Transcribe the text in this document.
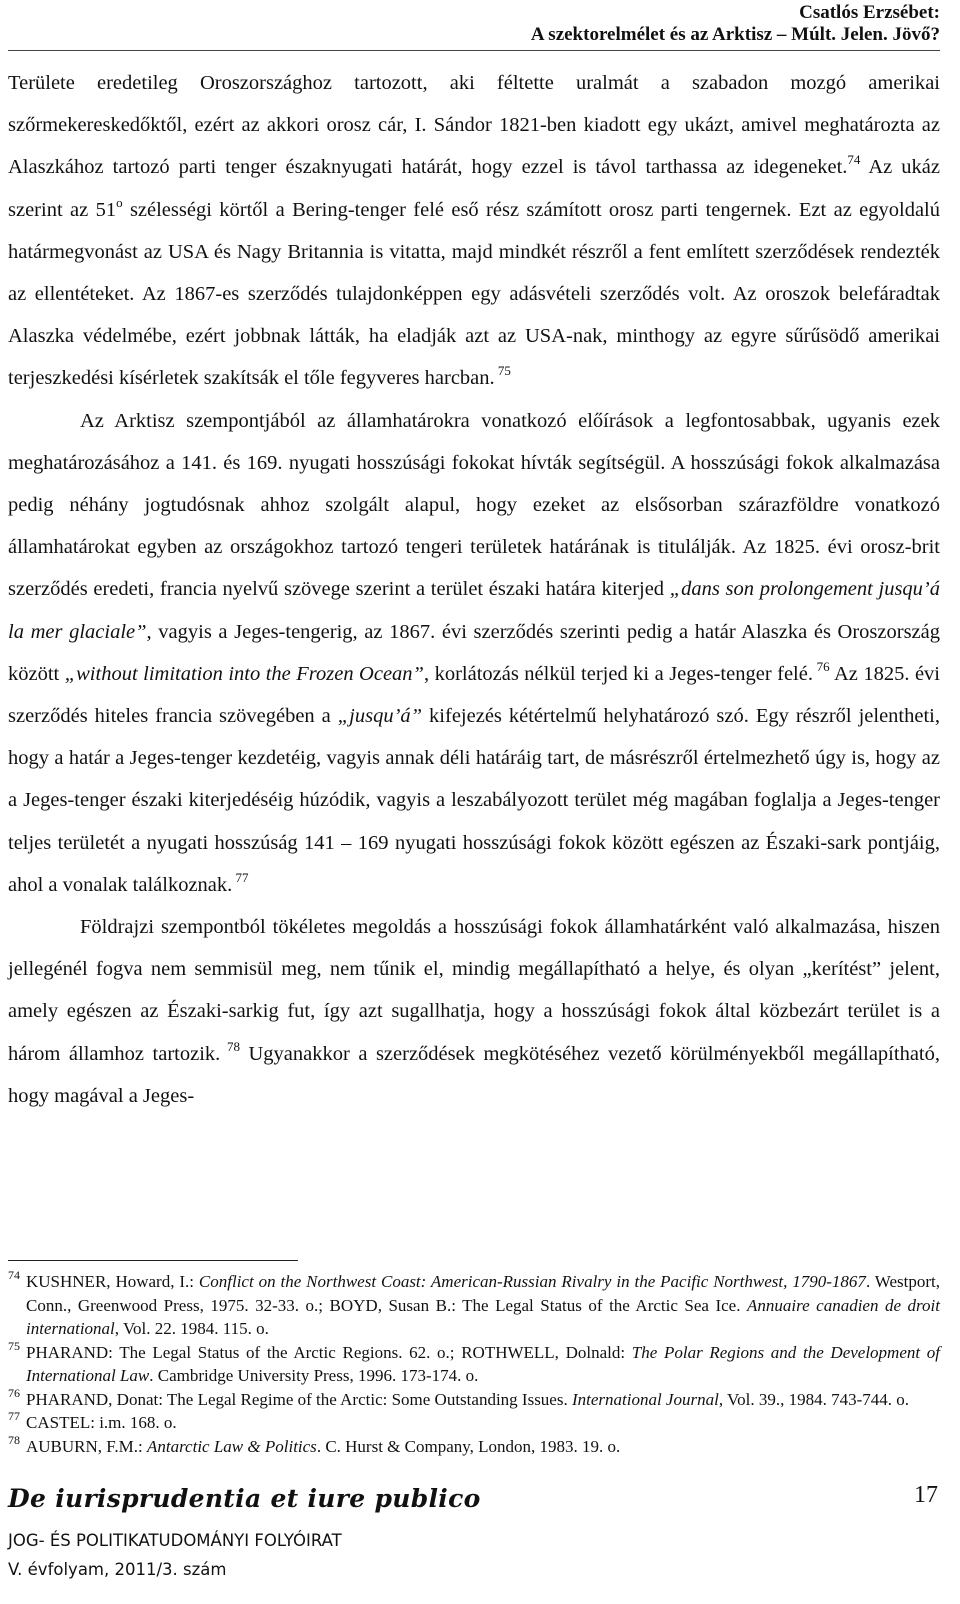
Csatlós Erzsébet:
A szektorelmélet és az Arktisz – Múlt. Jelen. Jövő?

Területe eredetileg Oroszországhoz tartozott, aki féltette uralmát a szabadon mozgó amerikai szőrmekereskedőktől, ezért az akkori orosz cár, I. Sándor 1821-ben kiadott egy ukázt, amivel meghatározta az Alaszkához tartozó parti tenger északnyugati határát, hogy ezzel is távol tarthassa az idegeneket.$^{74}$ Az ukáz szerint az 51$^o$ szélességi körtől a Bering-tenger felé eső rész számított orosz parti tengernek. Ezt az egyoldalú határmegvonást az USA és Nagy Britannia is vitatta, majd mindkét részről a fent említett szerződések rendezték az ellentéteket. Az 1867-es szerződés tulajdonképpen egy adásvételi szerződés volt. Az oroszok belefáradtak Alaszka védelmébe, ezért jobbnak látták, ha eladják azt az USA-nak, minthogy az egyre sűrűsödő amerikai terjeszkedési kísérletek szakítsák el tőle fegyveres harcban. $^{75}$

Az Arktisz szempontjából az államhatárokra vonatkozó előírások a legfontosabbak, ugyanis ezek meghatározásához a 141. és 169. nyugati hosszúsági fokokat hívták segítségül. A hosszúsági fokok alkalmazása pedig néhány jogtudósnak ahhoz szolgált alapul, hogy ezeket az elsősorban szárazföldre vonatkozó államhatárokat egyben az országokhoz tartozó tengeri területek határának is titulálják. Az 1825. évi orosz-brit szerződés eredeti, francia nyelvű szövege szerint a terület északi határa kiterjed „dans son prolongement jusqu’á la mer glaciale”, vagyis a Jeges-tengerig, az 1867. évi szerződés szerinti pedig a határ Alaszka és Oroszország között „without limitation into the Frozen Ocean”, korlátozás nélkül terjed ki a Jeges-tenger felé. $^{76}$ Az 1825. évi szerződés hiteles francia szövegében a „jusqu’á” kifejezés kétértelmű helyhatározó szó. Egy részről jelentheti, hogy a határ a Jeges-tenger kezdetéig, vagyis annak déli határáig tart, de másrészről értelmezhető úgy is, hogy az a Jeges-tenger északi kiterjedéséig húzódik, vagyis a leszabályozott terület még magában foglalja a Jeges-tenger teljes területét a nyugati hosszúság 141 – 169 nyugati hosszúsági fokok között egészen az Északi-sark pontjáig, ahol a vonalak találkoznak. $^{77}$

Földrajzi szempontból tökéletes megoldás a hosszúsági fokok államhatárként való alkalmazása, hiszen jellegénél fogva nem semmisül meg, nem tűnik el, mindig megállapítható a helye, és olyan „kerítést” jelent, amely egészen az Északi-sarkig fut, így azt sugallhatja, hogy a hosszúsági fokok által közbezárt terület is a három államhoz tartozik. $^{78}$ Ugyanakkor a szerződések megkötéséhez vezető körülményekből megállapítható, hogy magával a Jeges-

74 KUSHNER, Howard, I.: Conflict on the Northwest Coast: American-Russian Rivalry in the Pacific Northwest, 1790-1867. Westport, Conn., Greenwood Press, 1975. 32-33. o.; BOYD, Susan B.: The Legal Status of the Arctic Sea Ice. Annuaire canadien de droit international, Vol. 22. 1984. 115. o.
75 PHARAND: The Legal Status of the Arctic Regions. 62. o.; ROTHWELL, Dolnald: The Polar Regions and the Development of International Law. Cambridge University Press, 1996. 173-174. o.
76 PHARAND, Donat: The Legal Regime of the Arctic: Some Outstanding Issues. International Journal, Vol. 39., 1984. 743-744. o.
77 CASTEL: i.m. 168. o.
78 AUBURN, F.M.: Antarctic Law & Politics. C. Hurst & Company, London, 1983. 19. o.
De iurisprudentia et iure publico	17
JOG- ÉS POLITIKATUDOMÁNYI FOLYÓIRAT
V. évfolyam, 2011/3. szám
